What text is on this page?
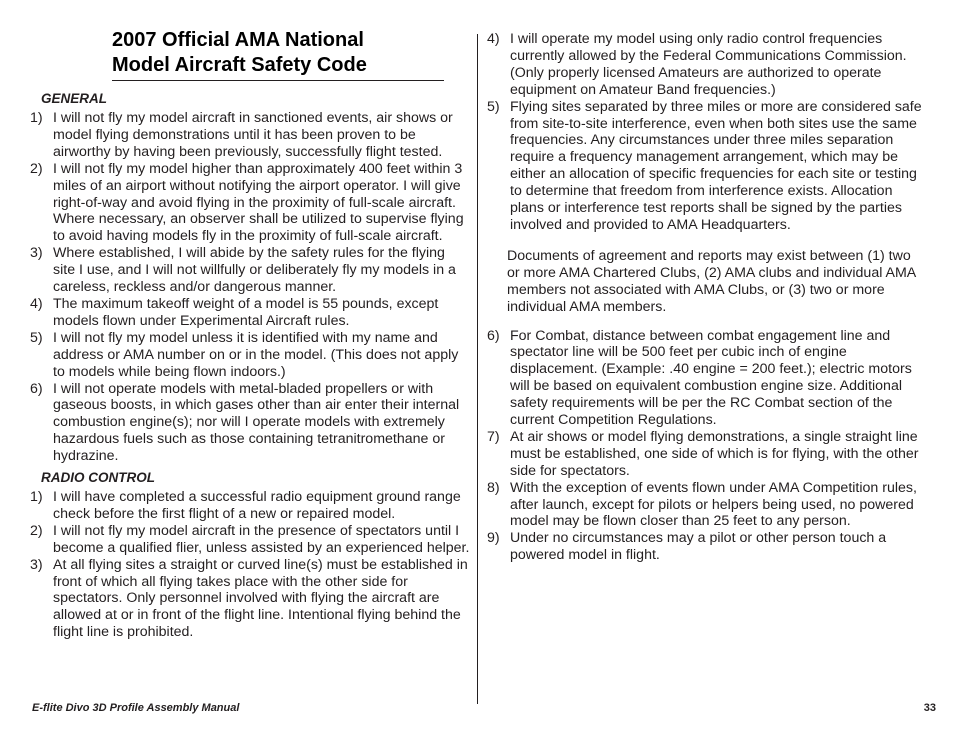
2007 Official AMA National
Model Aircraft Safety Code
GENERAL
1) I will not fly my model aircraft in sanctioned events, air shows or model flying demonstrations until it has been proven to be airworthy by having been previously, successfully flight tested.
2) I will not fly my model higher than approximately 400 feet within 3 miles of an airport without notifying the airport operator. I will give right-of-way and avoid flying in the proximity of full-scale aircraft. Where necessary, an observer shall be utilized to supervise flying to avoid having models fly in the proximity of full-scale aircraft.
3) Where established, I will abide by the safety rules for the flying site I use, and I will not willfully or deliberately fly my models in a careless, reckless and/or dangerous manner.
4) The maximum takeoff weight of a model is 55 pounds, except models flown under Experimental Aircraft rules.
5) I will not fly my model unless it is identified with my name and address or AMA number on or in the model. (This does not apply to models while being flown indoors.)
6) I will not operate models with metal-bladed propellers or with gaseous boosts, in which gases other than air enter their internal combustion engine(s); nor will I operate models with extremely hazardous fuels such as those containing tetranitromethane or hydrazine.
RADIO CONTROL
1) I will have completed a successful radio equipment ground range check before the first flight of a new or repaired model.
2) I will not fly my model aircraft in the presence of spectators until I become a qualified flier, unless assisted by an experienced helper.
3) At all flying sites a straight or curved line(s) must be established in front of which all flying takes place with the other side for spectators. Only personnel involved with flying the aircraft are allowed at or in front of the flight line. Intentional flying behind the flight line is prohibited.
4) I will operate my model using only radio control frequencies currently allowed by the Federal Communications Commission. (Only properly licensed Amateurs are authorized to operate equipment on Amateur Band frequencies.)
5) Flying sites separated by three miles or more are considered safe from site-to-site interference, even when both sites use the same frequencies. Any circumstances under three miles separation require a frequency management arrangement, which may be either an allocation of specific frequencies for each site or testing to determine that freedom from interference exists. Allocation plans or interference test reports shall be signed by the parties involved and provided to AMA Headquarters.

Documents of agreement and reports may exist between (1) two or more AMA Chartered Clubs, (2) AMA clubs and individual AMA members not associated with AMA Clubs, or (3) two or more individual AMA members.

6) For Combat, distance between combat engagement line and spectator line will be 500 feet per cubic inch of engine displacement. (Example: .40 engine = 200 feet.); electric motors will be based on equivalent combustion engine size. Additional safety requirements will be per the RC Combat section of the current Competition Regulations.
7) At air shows or model flying demonstrations, a single straight line must be established, one side of which is for flying, with the other side for spectators.
8) With the exception of events flown under AMA Competition rules, after launch, except for pilots or helpers being used, no powered model may be flown closer than 25 feet to any person.
9) Under no circumstances may a pilot or other person touch a powered model in flight.
E-flite Divo 3D Profile Assembly Manual	33
